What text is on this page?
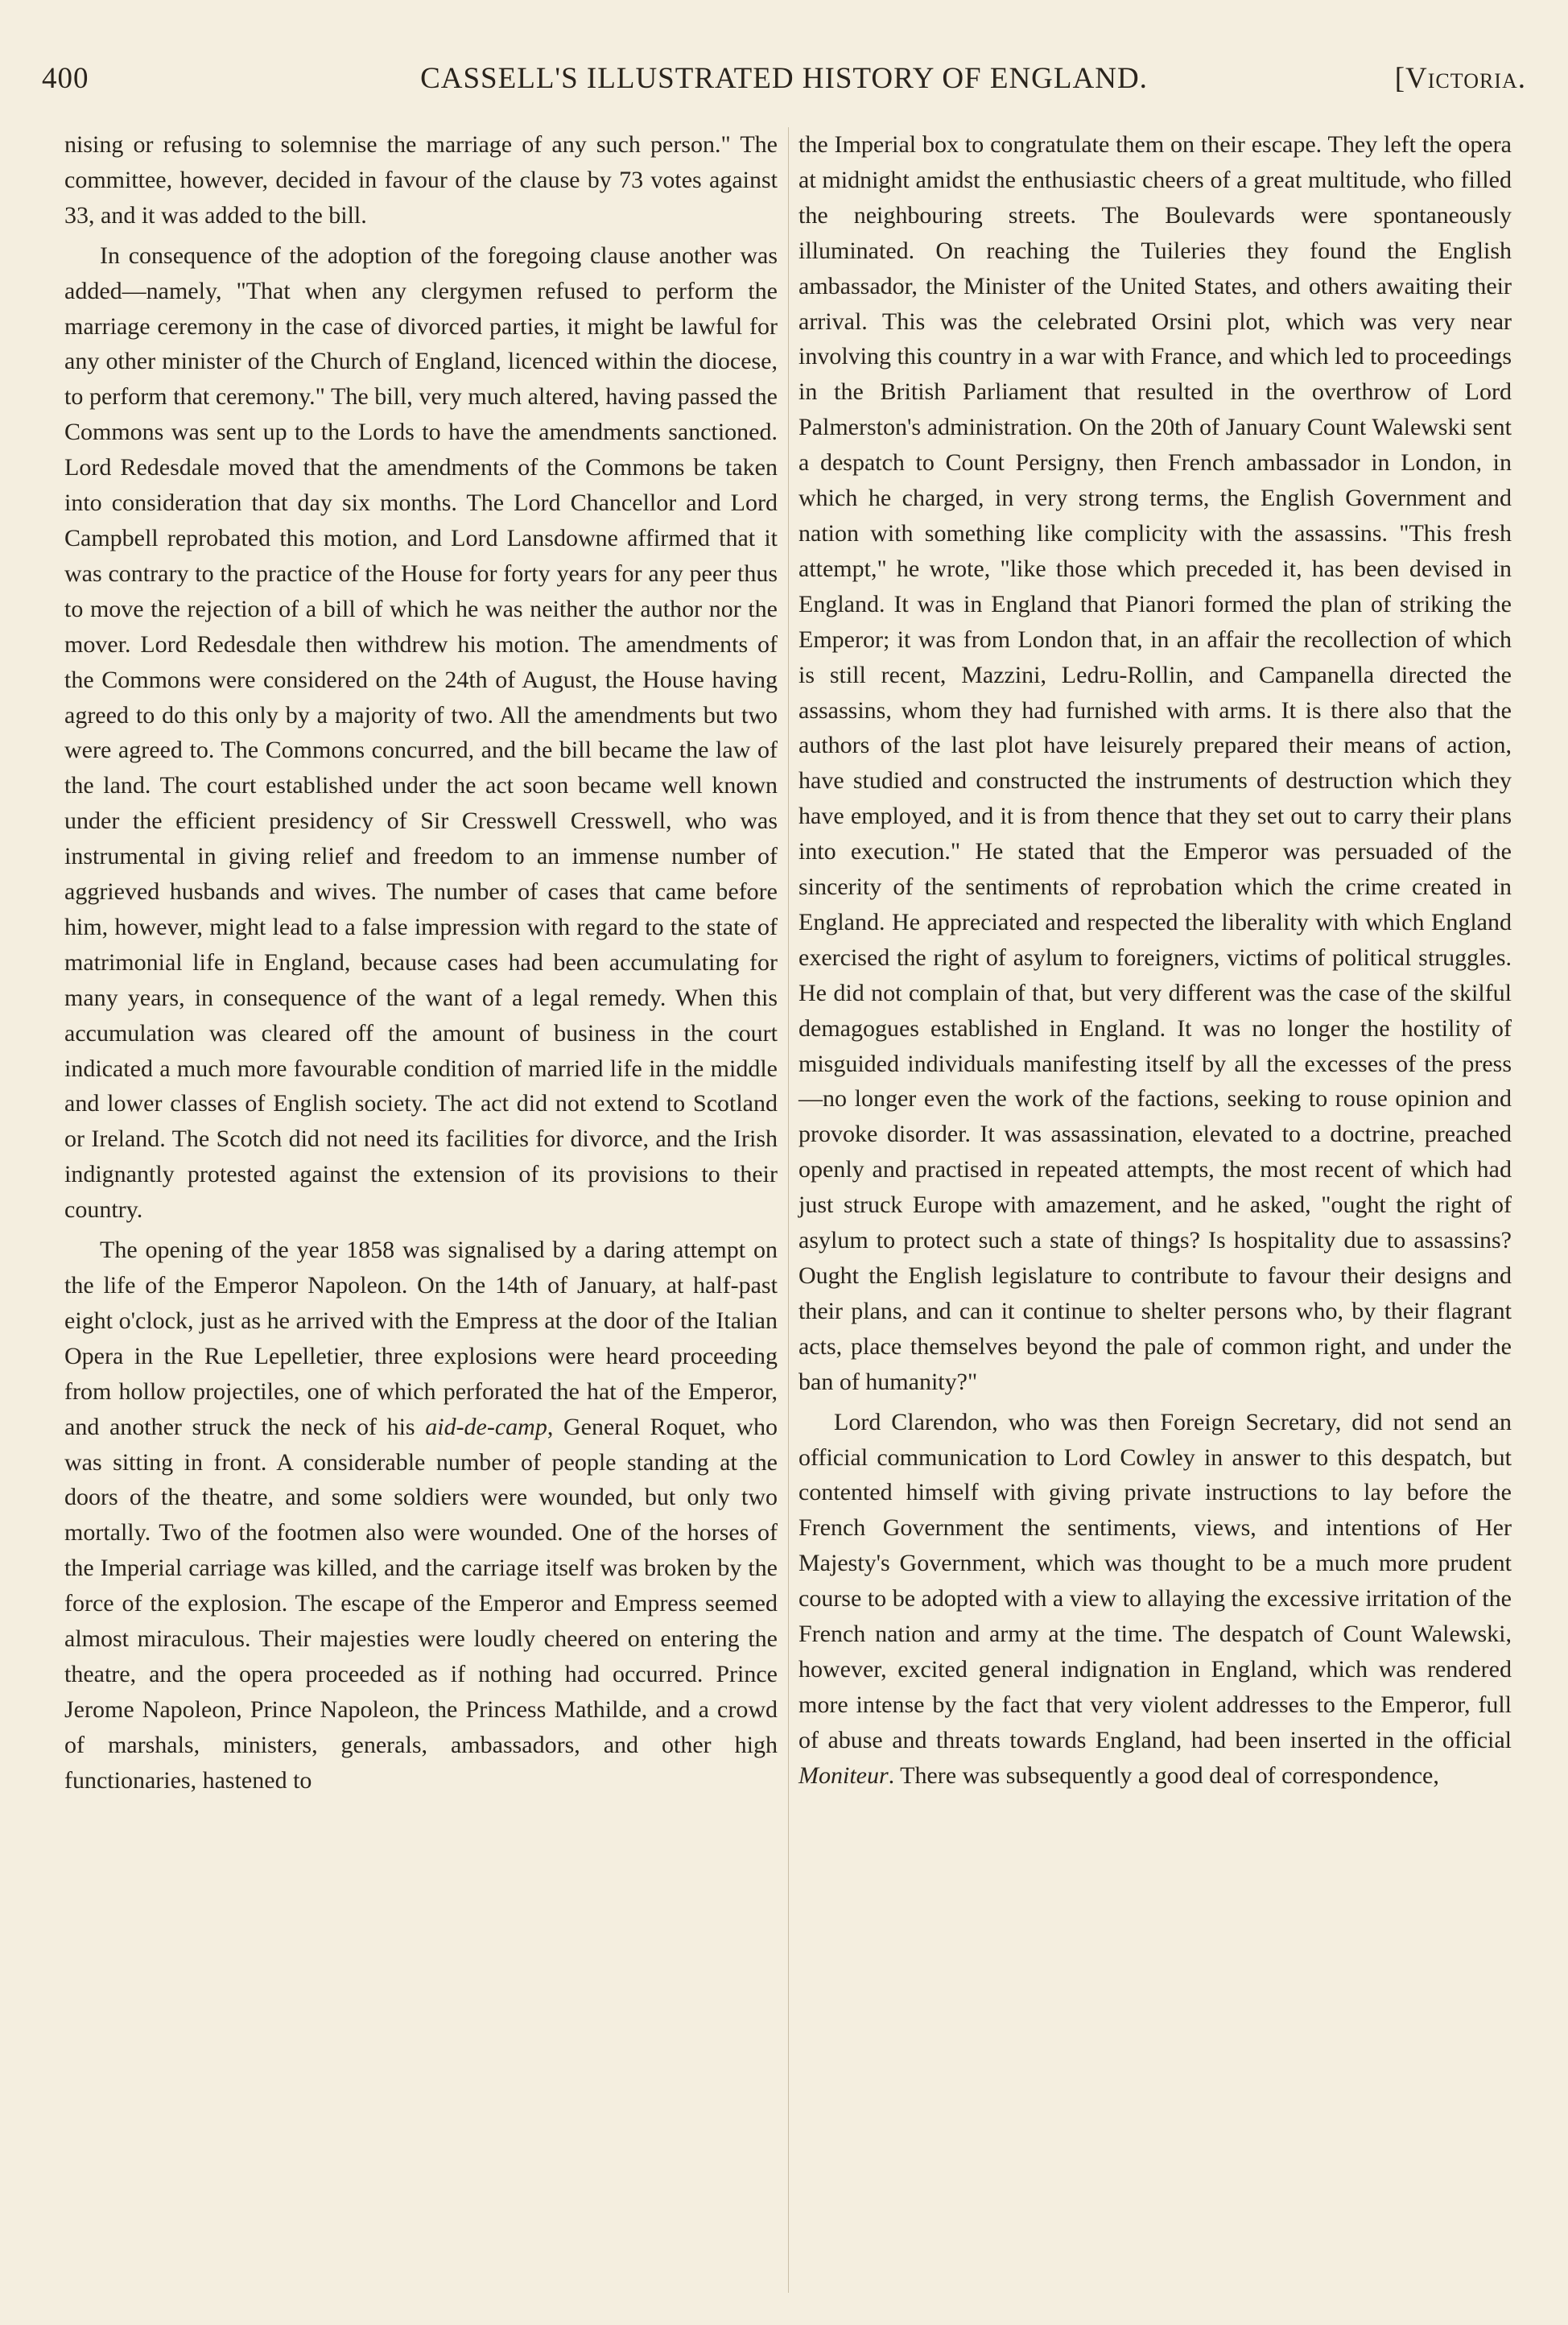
400	CASSELL'S ILLUSTRATED HISTORY OF ENGLAND.	[Victoria.

nising or refusing to solemnise the marriage of any such person." The committee, however, decided in favour of the clause by 73 votes against 33, and it was added to the bill.

In consequence of the adoption of the foregoing clause another was added—namely, "That when any clergymen refused to perform the marriage ceremony in the case of divorced parties, it might be lawful for any other minister of the Church of England, licenced within the diocese, to perform that ceremony." The bill, very much altered, having passed the Commons was sent up to the Lords to have the amendments sanctioned. Lord Redesdale moved that the amendments of the Commons be taken into consideration that day six months. The Lord Chancellor and Lord Campbell reprobated this motion, and Lord Lansdowne affirmed that it was contrary to the practice of the House for forty years for any peer thus to move the rejection of a bill of which he was neither the author nor the mover. Lord Redesdale then withdrew his motion. The amendments of the Commons were considered on the 24th of August, the House having agreed to do this only by a majority of two. All the amendments but two were agreed to. The Commons concurred, and the bill became the law of the land. The court established under the act soon became well known under the efficient presidency of Sir Cresswell Cresswell, who was instrumental in giving relief and freedom to an immense number of aggrieved husbands and wives. The number of cases that came before him, however, might lead to a false impression with regard to the state of matrimonial life in England, because cases had been accumulating for many years, in consequence of the want of a legal remedy. When this accumulation was cleared off the amount of business in the court indicated a much more favourable condition of married life in the middle and lower classes of English society. The act did not extend to Scotland or Ireland. The Scotch did not need its facilities for divorce, and the Irish indignantly protested against the extension of its provisions to their country.

The opening of the year 1858 was signalised by a daring attempt on the life of the Emperor Napoleon. On the 14th of January, at half-past eight o'clock, just as he arrived with the Empress at the door of the Italian Opera in the Rue Lepelletier, three explosions were heard proceeding from hollow projectiles, one of which perforated the hat of the Emperor, and another struck the neck of his aid-de-camp, General Roquet, who was sitting in front. A considerable number of people standing at the doors of the theatre, and some soldiers were wounded, but only two mortally. Two of the footmen also were wounded. One of the horses of the Imperial carriage was killed, and the carriage itself was broken by the force of the explosion. The escape of the Emperor and Empress seemed almost miraculous. Their majesties were loudly cheered on entering the theatre, and the opera proceeded as if nothing had occurred. Prince Jerome Napoleon, Prince Napoleon, the Princess Mathilde, and a crowd of marshals, ministers, generals, ambassadors, and other high functionaries, hastened to

the Imperial box to congratulate them on their escape. They left the opera at midnight amidst the enthusiastic cheers of a great multitude, who filled the neighbouring streets. The Boulevards were spontaneously illuminated. On reaching the Tuileries they found the English ambassador, the Minister of the United States, and others awaiting their arrival. This was the celebrated Orsini plot, which was very near involving this country in a war with France, and which led to proceedings in the British Parliament that resulted in the overthrow of Lord Palmerston's administration. On the 20th of January Count Walewski sent a despatch to Count Persigny, then French ambassador in London, in which he charged, in very strong terms, the English Government and nation with something like complicity with the assassins. "This fresh attempt," he wrote, "like those which preceded it, has been devised in England. It was in England that Pianori formed the plan of striking the Emperor; it was from London that, in an affair the recollection of which is still recent, Mazzini, Ledru-Rollin, and Campanella directed the assassins, whom they had furnished with arms. It is there also that the authors of the last plot have leisurely prepared their means of action, have studied and constructed the instruments of destruction which they have employed, and it is from thence that they set out to carry their plans into execution." He stated that the Emperor was persuaded of the sincerity of the sentiments of reprobation which the crime created in England. He appreciated and respected the liberality with which England exercised the right of asylum to foreigners, victims of political struggles. He did not complain of that, but very different was the case of the skilful demagogues established in England. It was no longer the hostility of misguided individuals manifesting itself by all the excesses of the press—no longer even the work of the factions, seeking to rouse opinion and provoke disorder. It was assassination, elevated to a doctrine, preached openly and practised in repeated attempts, the most recent of which had just struck Europe with amazement, and he asked, "ought the right of asylum to protect such a state of things? Is hospitality due to assassins? Ought the English legislature to contribute to favour their designs and their plans, and can it continue to shelter persons who, by their flagrant acts, place themselves beyond the pale of common right, and under the ban of humanity?"

Lord Clarendon, who was then Foreign Secretary, did not send an official communication to Lord Cowley in answer to this despatch, but contented himself with giving private instructions to lay before the French Government the sentiments, views, and intentions of Her Majesty's Government, which was thought to be a much more prudent course to be adopted with a view to allaying the excessive irritation of the French nation and army at the time. The despatch of Count Walewski, however, excited general indignation in England, which was rendered more intense by the fact that very violent addresses to the Emperor, full of abuse and threats towards England, had been inserted in the official Moniteur. There was subsequently a good deal of correspondence,
